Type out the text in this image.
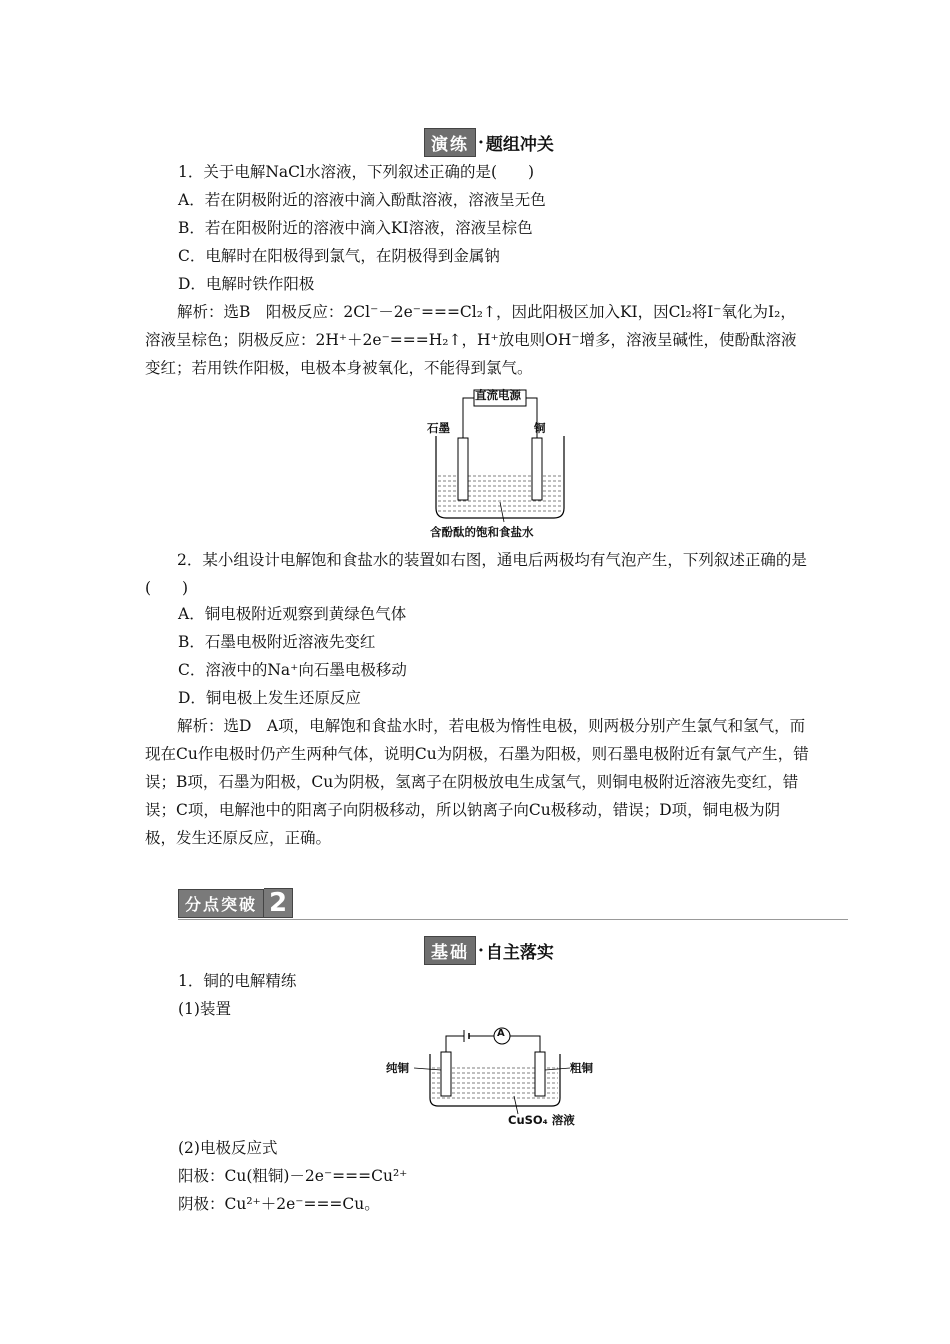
演练 · 题组冲关
1．关于电解NaCl水溶液，下列叙述正确的是(　　)
A．若在阴极附近的溶液中滴入酚酞溶液，溶液呈无色
B．若在阳极附近的溶液中滴入KI溶液，溶液呈棕色
C．电解时在阳极得到氯气，在阴极得到金属钠
D．电解时铁作阳极
解析：选B　阳极反应：2Cl⁻－2e⁻===Cl₂↑，因此阳极区加入KI，因Cl₂将I⁻氧化为I₂，溶液呈棕色；阴极反应：2H⁺＋2e⁻===H₂↑，H⁺放电则OH⁻增多，溶液呈碱性，使酚酞溶液变红；若用铁作阳极，电极本身被氧化，不能得到氯气。
直流电源
石墨	铜
含酚酞的饱和食盐水
2．某小组设计电解饱和食盐水的装置如右图，通电后两极均有气泡产生，下列叙述正确的是(　　)
A．铜电极附近观察到黄绿色气体
B．石墨电极附近溶液先变红
C．溶液中的Na⁺向石墨电极移动
D．铜电极上发生还原反应
解析：选D　A项，电解饱和食盐水时，若电极为惰性电极，则两极分别产生氯气和氢气，而现在Cu作电极时仍产生两种气体，说明Cu为阴极，石墨为阳极，则石墨电极附近有氯气产生，错误；B项，石墨为阳极，Cu为阴极，氢离子在阴极放电生成氢气，则铜电极附近溶液先变红，错误；C项，电解池中的阳离子向阴极移动，所以钠离子向Cu极移动，错误；D项，铜电极为阴极，发生还原反应，正确。
分点突破 2
基础 · 自主落实
1．铜的电解精练
(1)装置
A
纯铜	粗铜
CuSO₄ 溶液
(2)电极反应式
阳极：Cu(粗铜)－2e⁻===Cu²⁺
阴极：Cu²⁺＋2e⁻===Cu。
